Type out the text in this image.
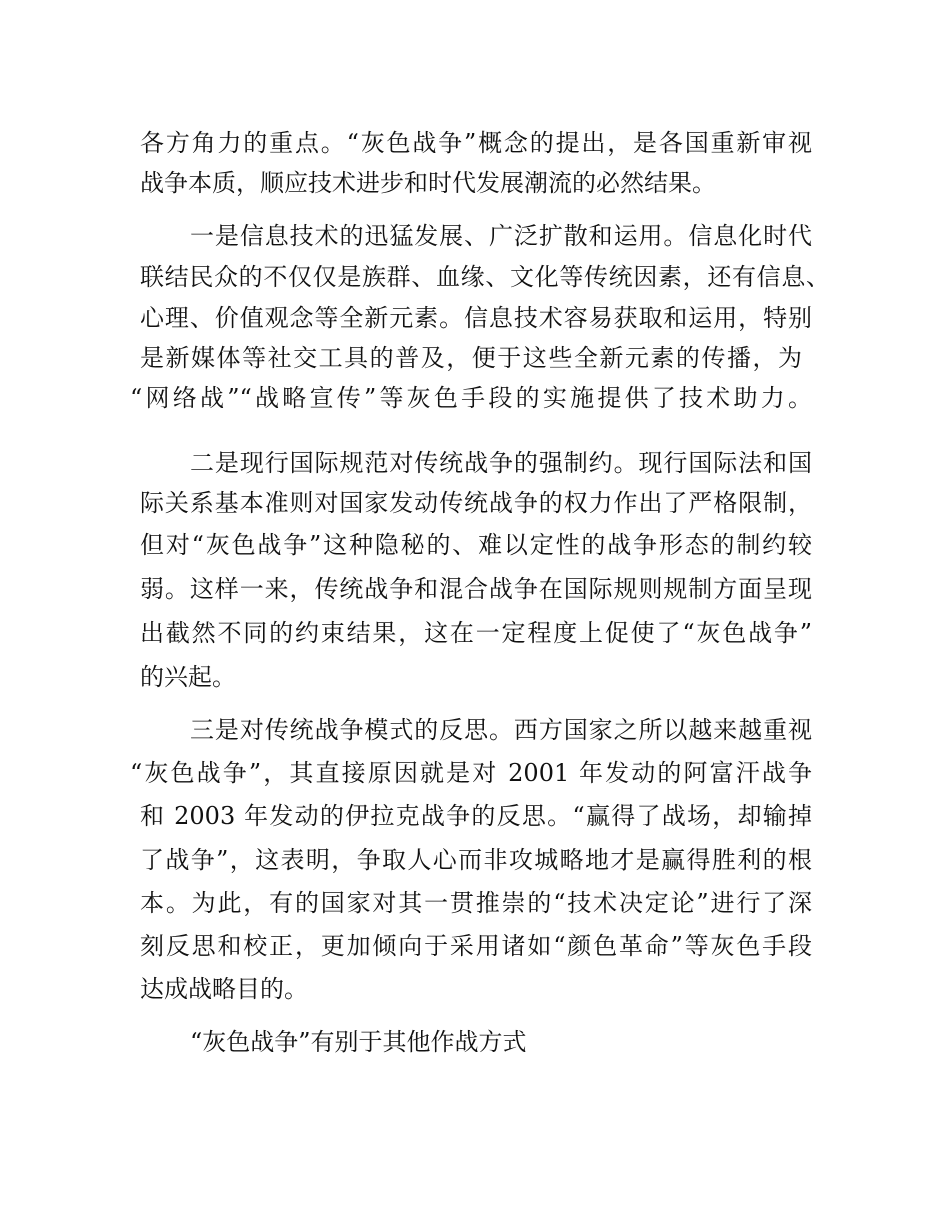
各方角力的重点。“灰色战争”概念的提出，是各国重新审视
战争本质，顺应技术进步和时代发展潮流的必然结果。
一是信息技术的迅猛发展、广泛扩散和运用。信息化时代
联结民众的不仅仅是族群、血缘、文化等传统因素，还有信息、
心理、价值观念等全新元素。信息技术容易获取和运用，特别
是新媒体等社交工具的普及，便于这些全新元素的传播，为
“网络战”“战略宣传”等灰色手段的实施提供了技术助力。
二是现行国际规范对传统战争的强制约。现行国际法和国
际关系基本准则对国家发动传统战争的权力作出了严格限制，
但对“灰色战争”这种隐秘的、难以定性的战争形态的制约较
弱。这样一来，传统战争和混合战争在国际规则规制方面呈现
出截然不同的约束结果，这在一定程度上促使了“灰色战争”
的兴起。
三是对传统战争模式的反思。西方国家之所以越来越重视
“灰色战争”，其直接原因就是对 2001 年发动的阿富汗战争
和 2003 年发动的伊拉克战争的反思。“赢得了战场，却输掉
了战争”，这表明，争取人心而非攻城略地才是赢得胜利的根
本。为此，有的国家对其一贯推崇的“技术决定论”进行了深
刻反思和校正，更加倾向于采用诸如“颜色革命”等灰色手段
达成战略目的。
“灰色战争”有别于其他作战方式
